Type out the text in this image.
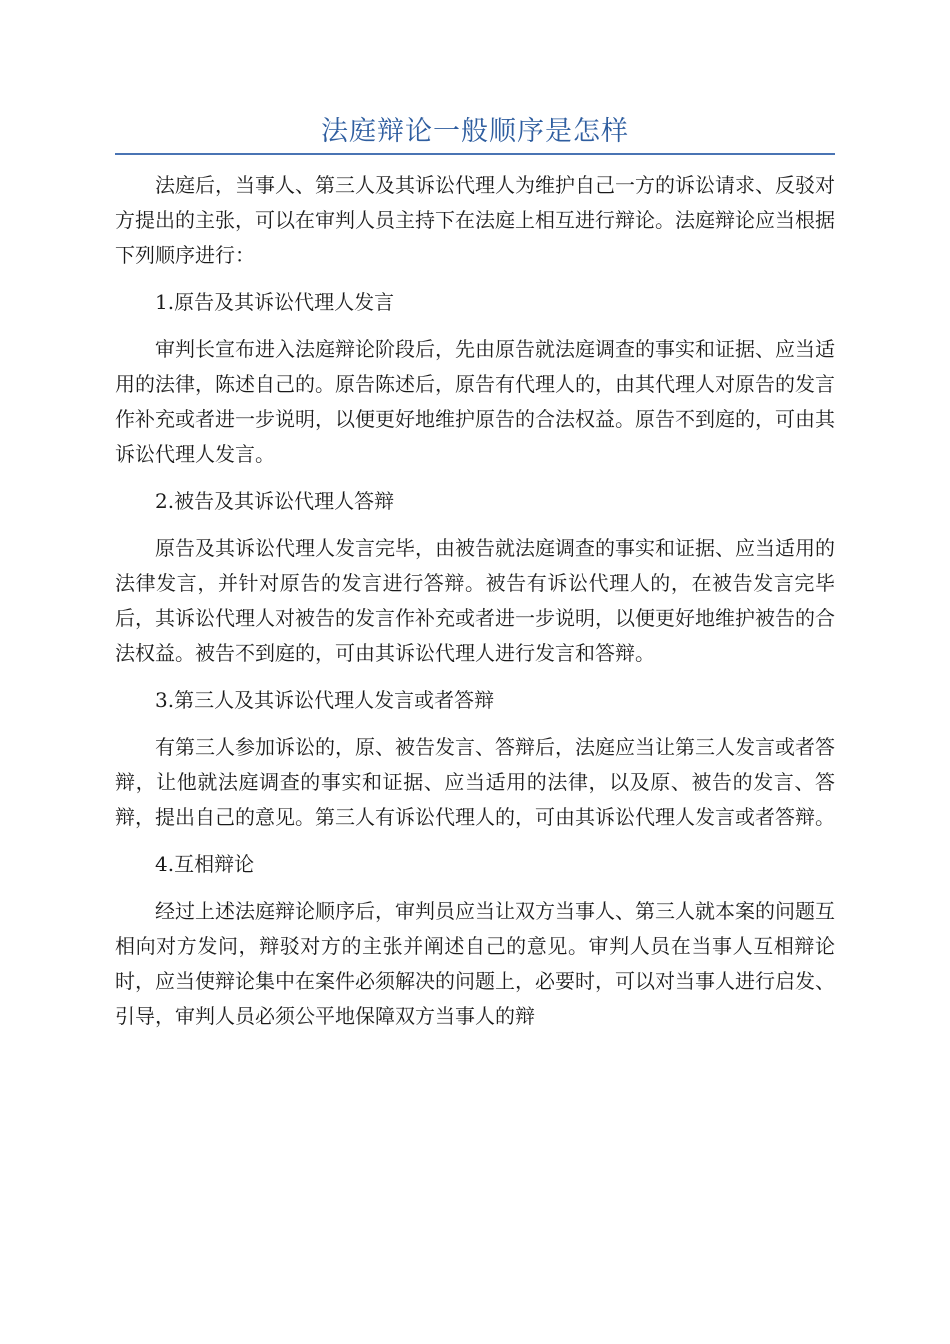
法庭辩论一般顺序是怎样

法庭后，当事人、第三人及其诉讼代理人为维护自己一方的诉讼请求、反驳对方提出的主张，可以在审判人员主持下在法庭上相互进行辩论。法庭辩论应当根据下列顺序进行：

1.原告及其诉讼代理人发言

审判长宣布进入法庭辩论阶段后，先由原告就法庭调查的事实和证据、应当适用的法律，陈述自己的。原告陈述后，原告有代理人的，由其代理人对原告的发言作补充或者进一步说明，以便更好地维护原告的合法权益。原告不到庭的，可由其诉讼代理人发言。

2.被告及其诉讼代理人答辩

原告及其诉讼代理人发言完毕，由被告就法庭调查的事实和证据、应当适用的法律发言，并针对原告的发言进行答辩。被告有诉讼代理人的，在被告发言完毕后，其诉讼代理人对被告的发言作补充或者进一步说明，以便更好地维护被告的合法权益。被告不到庭的，可由其诉讼代理人进行发言和答辩。

3.第三人及其诉讼代理人发言或者答辩

有第三人参加诉讼的，原、被告发言、答辩后，法庭应当让第三人发言或者答辩，让他就法庭调查的事实和证据、应当适用的法律，以及原、被告的发言、答辩，提出自己的意见。第三人有诉讼代理人的，可由其诉讼代理人发言或者答辩。

4.互相辩论

经过上述法庭辩论顺序后，审判员应当让双方当事人、第三人就本案的问题互相向对方发问，辩驳对方的主张并阐述自己的意见。审判人员在当事人互相辩论时，应当使辩论集中在案件必须解决的问题上，必要时，可以对当事人进行启发、引导，审判人员必须公平地保障双方当事人的辩
